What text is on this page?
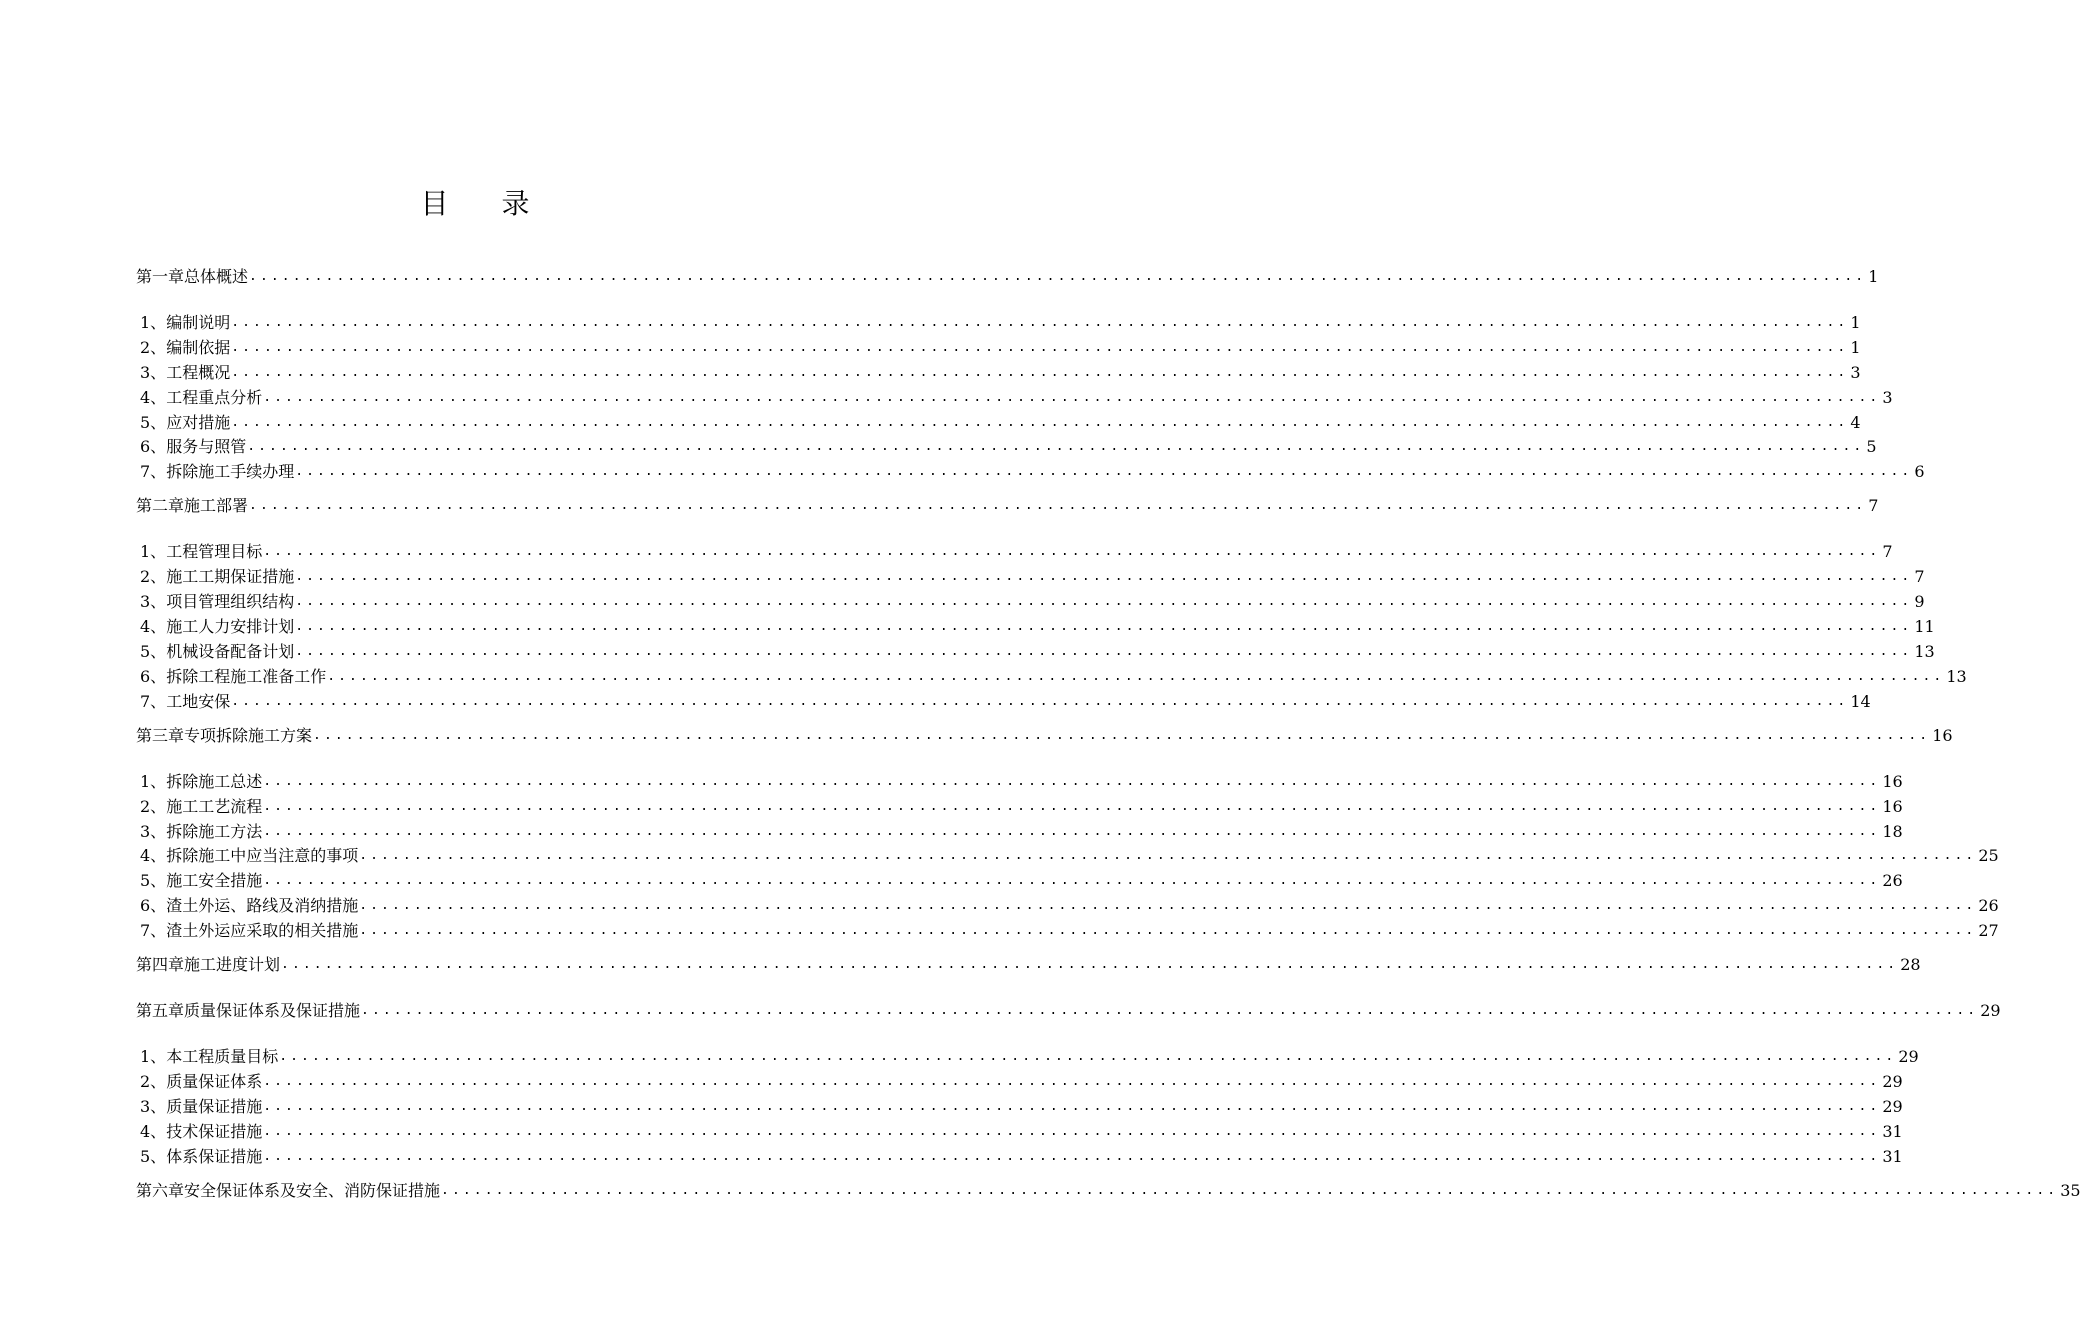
目 录
第一章 总体概述 .................................................................................................................................................... 1
1、 编制说明 .................................................................................................................................................... 1
2、 编制依据 .................................................................................................................................................... 1
3、 工程概况 .................................................................................................................................................... 3
4、 工程重点分析 .................................................................................................................................................... 3
5、 应对措施 .................................................................................................................................................... 4
6、 服务与照管 .................................................................................................................................................... 5
7、 拆除施工手续办理 .................................................................................................................................................... 6
第二章 施工部署 .................................................................................................................................................... 7
1、 工程管理目标 .................................................................................................................................................... 7
2、 施工工期保证措施 .................................................................................................................................................... 7
3、 项目管理组织结构 .................................................................................................................................................... 9
4、 施工人力安排计划 .................................................................................................................................................... 11
5、 机械设备配备计划 .................................................................................................................................................... 13
6、 拆除工程施工准备工作 .................................................................................................................................................... 13
7、 工地安保 .................................................................................................................................................... 14
第三章 专项拆除施工方案 .................................................................................................................................................... 16
1、 拆除施工总述 .................................................................................................................................................... 16
2、 施工工艺流程 .................................................................................................................................................... 16
3、 拆除施工方法 .................................................................................................................................................... 18
4、 拆除施工中应当注意的事项 .................................................................................................................................................... 25
5、 施工安全措施 .................................................................................................................................................... 26
6、 渣土外运、路线及消纳措施 .................................................................................................................................................... 26
7、 渣土外运应采取的相关措施 .................................................................................................................................................... 27
第四章 施工进度计划 .................................................................................................................................................... 28
第五章 质量保证体系及保证措施 .................................................................................................................................................... 29
1、 本工程质量目标 .................................................................................................................................................... 29
2、 质量保证体系 .................................................................................................................................................... 29
3、 质量保证措施 .................................................................................................................................................... 29
4、 技术保证措施 .................................................................................................................................................... 31
5、 体系保证措施 .................................................................................................................................................... 31
第六章 安全保证体系及安全、消防保证措施 .................................................................................................................................................... 35
